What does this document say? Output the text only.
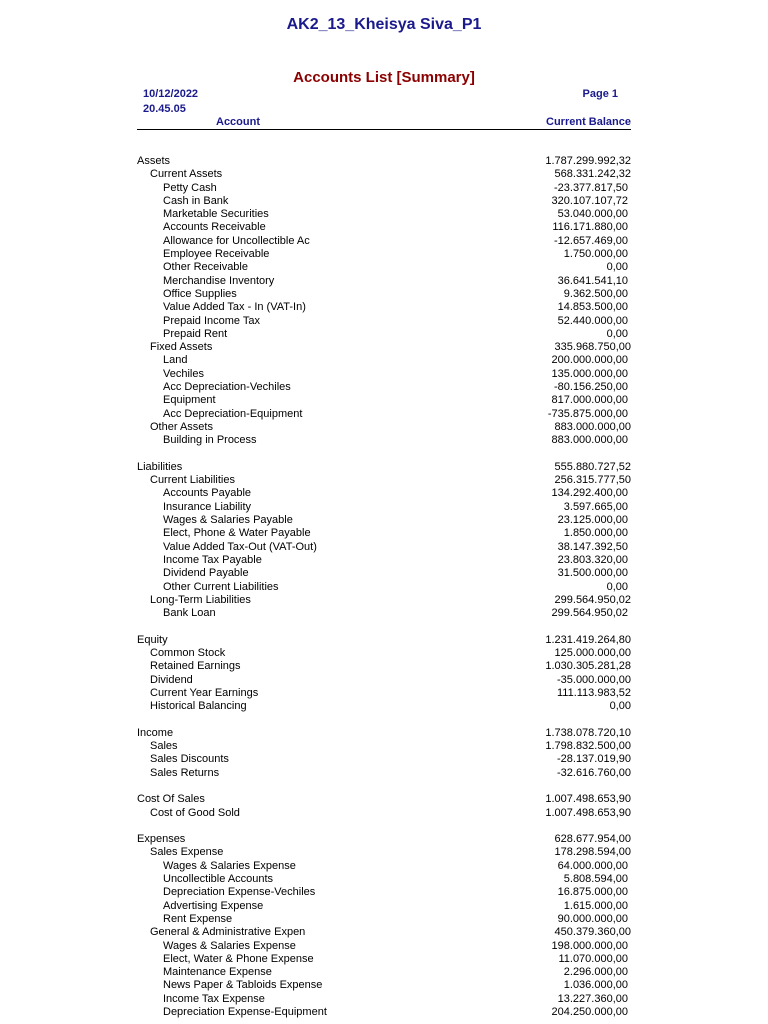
AK2_13_Kheisya Siva_P1
Accounts List [Summary]
10/12/2022
20.45.05
Page 1
Account	Current Balance
Assets	1.787.299.992,32
Current Assets	568.331.242,32
Petty Cash	-23.377.817,50
Cash in Bank	320.107.107,72
Marketable Securities	53.040.000,00
Accounts Receivable	116.171.880,00
Allowance for Uncollectible Ac	-12.657.469,00
Employee Receivable	1.750.000,00
Other Receivable	0,00
Merchandise Inventory	36.641.541,10
Office Supplies	9.362.500,00
Value Added Tax - In (VAT-In)	14.853.500,00
Prepaid Income Tax	52.440.000,00
Prepaid Rent	0,00
Fixed Assets	335.968.750,00
Land	200.000.000,00
Vechiles	135.000.000,00
Acc Depreciation-Vechiles	-80.156.250,00
Equipment	817.000.000,00
Acc Depreciation-Equipment	-735.875.000,00
Other Assets	883.000.000,00
Building in Process	883.000.000,00
Liabilities	555.880.727,52
Current Liabilities	256.315.777,50
Accounts Payable	134.292.400,00
Insurance Liability	3.597.665,00
Wages & Salaries Payable	23.125.000,00
Elect, Phone & Water Payable	1.850.000,00
Value Added Tax-Out (VAT-Out)	38.147.392,50
Income Tax Payable	23.803.320,00
Dividend Payable	31.500.000,00
Other Current Liabilities	0,00
Long-Term Liabilities	299.564.950,02
Bank Loan	299.564.950,02
Equity	1.231.419.264,80
Common Stock	125.000.000,00
Retained Earnings	1.030.305.281,28
Dividend	-35.000.000,00
Current Year Earnings	111.113.983,52
Historical Balancing	0,00
Income	1.738.078.720,10
Sales	1.798.832.500,00
Sales Discounts	-28.137.019,90
Sales Returns	-32.616.760,00
Cost Of Sales	1.007.498.653,90
Cost of Good Sold	1.007.498.653,90
Expenses	628.677.954,00
Sales Expense	178.298.594,00
Wages & Salaries Expense	64.000.000,00
Uncollectible Accounts	5.808.594,00
Depreciation Expense-Vechiles	16.875.000,00
Advertising Expense	1.615.000,00
Rent Expense	90.000.000,00
General & Administrative Expen	450.379.360,00
Wages & Salaries Expense	198.000.000,00
Elect, Water & Phone Expense	11.070.000,00
Maintenance Expense	2.296.000,00
News Paper & Tabloids Expense	1.036.000,00
Income Tax Expense	13.227.360,00
Depreciation Expense-Equipment	204.250.000,00
